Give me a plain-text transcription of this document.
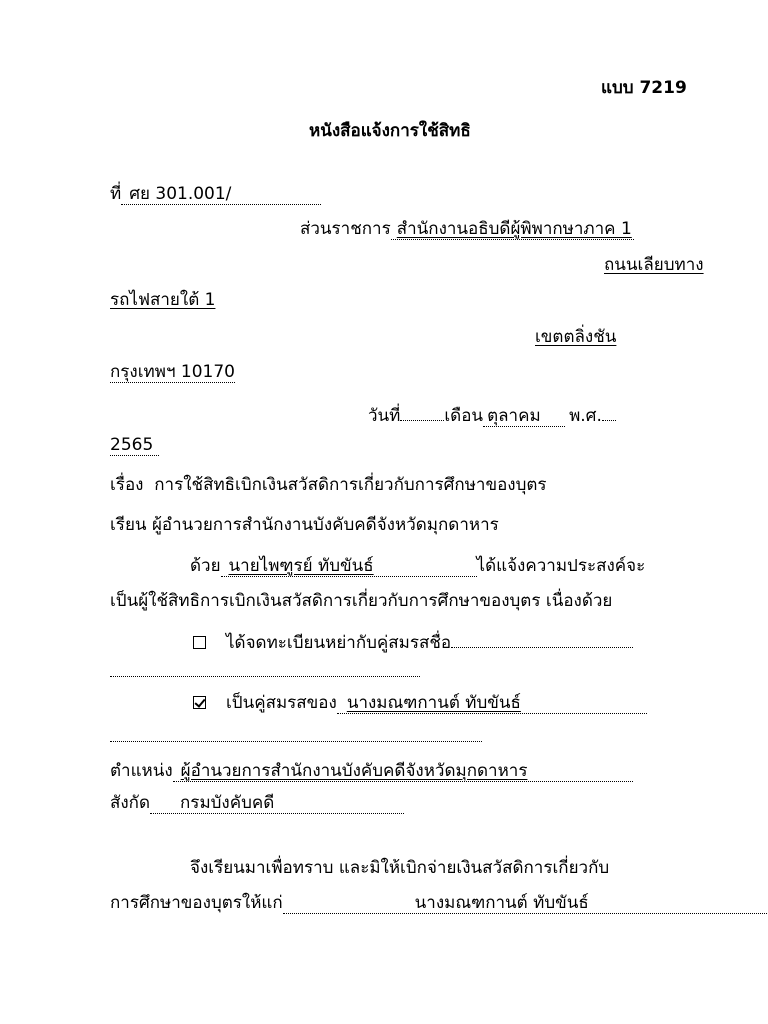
แบบ 7219
หนังสือแจ้งการใช้สิทธิ
ที่ ศย 301.001/
ส่วนราชการ สำนักงานอธิบดีผู้พิพากษาภาค 1
ถนนเลียบทาง
รถไฟสายใต้ 1
เขตตลิ่งชัน
กรุงเทพฯ 10170
วันที่	เดือน ตุลาคม พ.ศ.
2565
เรื่อง การใช้สิทธิเบิกเงินสวัสดิการเกี่ยวกับการศึกษาของบุตร
เรียน ผู้อำนวยการสำนักงานบังคับคดีจังหวัดมุกดาหาร
ด้วย นายไพฑูรย์ ทับขันธ์	ได้แจ้งความประสงค์จะ
เป็นผู้ใช้สิทธิการเบิกเงินสวัสดิการเกี่ยวกับการศึกษาของบุตร เนื่องด้วย
ได้จดทะเบียนหย่ากับคู่สมรสชื่อ
เป็นคู่สมรสของ นางมณฑกานต์ ทับขันธ์
ตำแหน่ง ผู้อำนวยการสำนักงานบังคับคดีจังหวัดมุกดาหาร
สังกัด กรมบังคับคดี
จึงเรียนมาเพื่อทราบ และมิให้เบิกจ่ายเงินสวัสดิการเกี่ยวกับ
การศึกษาของบุตรให้แก่	นางมณฑกานต์ ทับขันธ์
